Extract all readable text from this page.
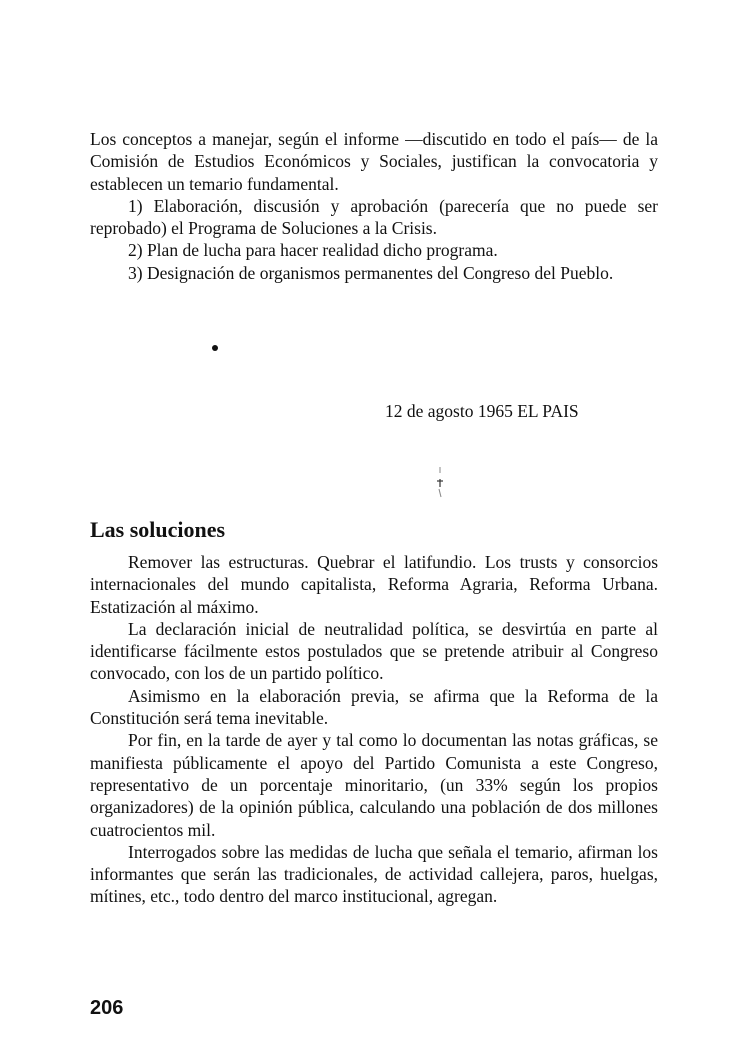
Los conceptos a manejar, según el informe —discutido en todo el país— de la Comisión de Estudios Económicos y Sociales, justifican la convocatoria y establecen un temario fundamental.

1) Elaboración, discusión y aprobación (parecería que no puede ser reprobado) el Programa de Soluciones a la Crisis.

2) Plan de lucha para hacer realidad dicho programa.

3) Designación de organismos permanentes del Congreso del Pueblo.

12 de agosto 1965 EL PAIS
Las soluciones

Remover las estructuras. Quebrar el latifundio. Los trusts y consorcios internacionales del mundo capitalista, Reforma Agraria, Reforma Urbana. Estatización al máximo.

La declaración inicial de neutralidad política, se desvirtúa en parte al identificarse fácilmente estos postulados que se pretende atribuir al Congreso convocado, con los de un partido político.

Asimismo en la elaboración previa, se afirma que la Reforma de la Constitución será tema inevitable.

Por fin, en la tarde de ayer y tal como lo documentan las notas gráficas, se manifiesta públicamente el apoyo del Partido Comunista a este Congreso, representativo de un porcentaje minoritario, (un 33% según los propios organizadores) de la opinión pública, calculando una población de dos millones cuatrocientos mil.

Interrogados sobre las medidas de lucha que señala el temario, afirman los informantes que serán las tradicionales, de actividad callejera, paros, huelgas, mítines, etc., todo dentro del marco institucional, agregan.

206
